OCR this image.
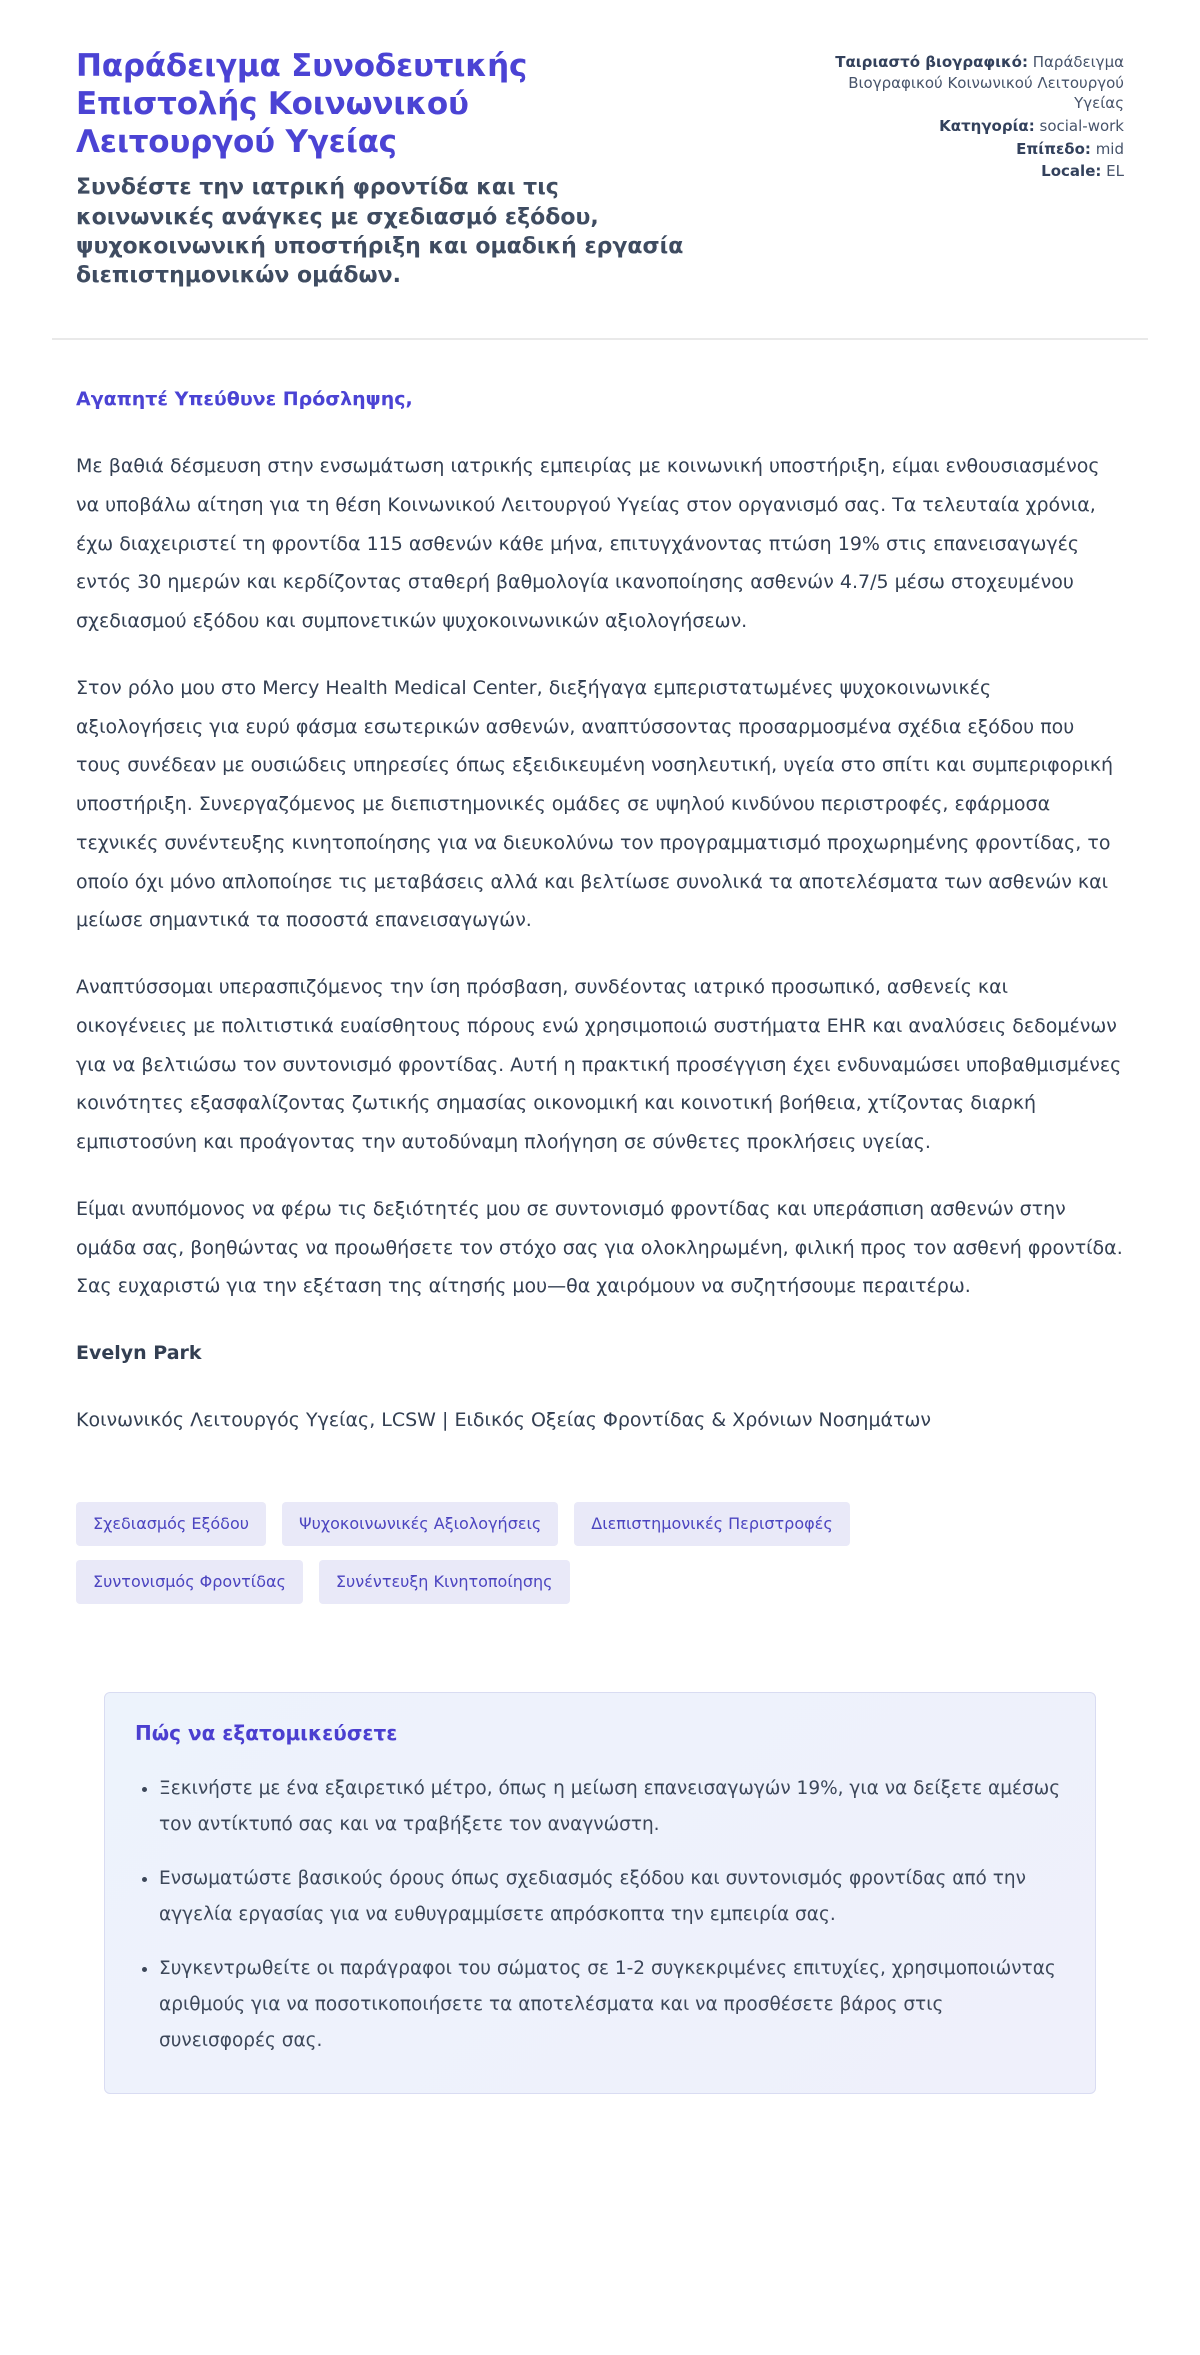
Παράδειγμα Συνοδευτικής Επιστολής Κοινωνικού Λειτουργού Υγείας

Συνδέστε την ιατρική φροντίδα και τις κοινωνικές ανάγκες με σχεδιασμό εξόδου, ψυχοκοινωνική υποστήριξη και ομαδική εργασία διεπιστημονικών ομάδων.

Ταιριαστό βιογραφικό: Παράδειγμα Βιογραφικού Κοινωνικού Λειτουργού Υγείας
Κατηγορία: social-work
Επίπεδο: mid
Locale: EL

Αγαπητέ Υπεύθυνε Πρόσληψης,

Με βαθιά δέσμευση στην ενσωμάτωση ιατρικής εμπειρίας με κοινωνική υποστήριξη, είμαι ενθουσιασμένος να υποβάλω αίτηση για τη θέση Κοινωνικού Λειτουργού Υγείας στον οργανισμό σας. Τα τελευταία χρόνια, έχω διαχειριστεί τη φροντίδα 115 ασθενών κάθε μήνα, επιτυγχάνοντας πτώση 19% στις επανεισαγωγές εντός 30 ημερών και κερδίζοντας σταθερή βαθμολογία ικανοποίησης ασθενών 4.7/5 μέσω στοχευμένου σχεδιασμού εξόδου και συμπονετικών ψυχοκοινωνικών αξιολογήσεων.

Στον ρόλο μου στο Mercy Health Medical Center, διεξήγαγα εμπεριστατωμένες ψυχοκοινωνικές αξιολογήσεις για ευρύ φάσμα εσωτερικών ασθενών, αναπτύσσοντας προσαρμοσμένα σχέδια εξόδου που τους συνέδεαν με ουσιώδεις υπηρεσίες όπως εξειδικευμένη νοσηλευτική, υγεία στο σπίτι και συμπεριφορική υποστήριξη. Συνεργαζόμενος με διεπιστημονικές ομάδες σε υψηλού κινδύνου περιστροφές, εφάρμοσα τεχνικές συνέντευξης κινητοποίησης για να διευκολύνω τον προγραμματισμό προχωρημένης φροντίδας, το οποίο όχι μόνο απλοποίησε τις μεταβάσεις αλλά και βελτίωσε συνολικά τα αποτελέσματα των ασθενών και μείωσε σημαντικά τα ποσοστά επανεισαγωγών.

Αναπτύσσομαι υπερασπιζόμενος την ίση πρόσβαση, συνδέοντας ιατρικό προσωπικό, ασθενείς και οικογένειες με πολιτιστικά ευαίσθητους πόρους ενώ χρησιμοποιώ συστήματα EHR και αναλύσεις δεδομένων για να βελτιώσω τον συντονισμό φροντίδας. Αυτή η πρακτική προσέγγιση έχει ενδυναμώσει υποβαθμισμένες κοινότητες εξασφαλίζοντας ζωτικής σημασίας οικονομική και κοινοτική βοήθεια, χτίζοντας διαρκή εμπιστοσύνη και προάγοντας την αυτοδύναμη πλοήγηση σε σύνθετες προκλήσεις υγείας.

Είμαι ανυπόμονος να φέρω τις δεξιότητές μου σε συντονισμό φροντίδας και υπεράσπιση ασθενών στην ομάδα σας, βοηθώντας να προωθήσετε τον στόχο σας για ολοκληρωμένη, φιλική προς τον ασθενή φροντίδα. Σας ευχαριστώ για την εξέταση της αίτησής μου—θα χαιρόμουν να συζητήσουμε περαιτέρω.

Evelyn Park

Κοινωνικός Λειτουργός Υγείας, LCSW | Ειδικός Οξείας Φροντίδας & Χρόνιων Νοσημάτων

Σχεδιασμός Εξόδου	Ψυχοκοινωνικές Αξιολογήσεις	Διεπιστημονικές Περιστροφές
Συντονισμός Φροντίδας	Συνέντευξη Κινητοποίησης
Πώς να εξατομικεύσετε
• Ξεκινήστε με ένα εξαιρετικό μέτρο, όπως η μείωση επανεισαγωγών 19%, για να δείξετε αμέσως τον αντίκτυπό σας και να τραβήξετε τον αναγνώστη.
• Ενσωματώστε βασικούς όρους όπως σχεδιασμός εξόδου και συντονισμός φροντίδας από την αγγελία εργασίας για να ευθυγραμμίσετε απρόσκοπτα την εμπειρία σας.
• Συγκεντρωθείτε οι παράγραφοι του σώματος σε 1-2 συγκεκριμένες επιτυχίες, χρησιμοποιώντας αριθμούς για να ποσοτικοποιήσετε τα αποτελέσματα και να προσθέσετε βάρος στις συνεισφορές σας.
